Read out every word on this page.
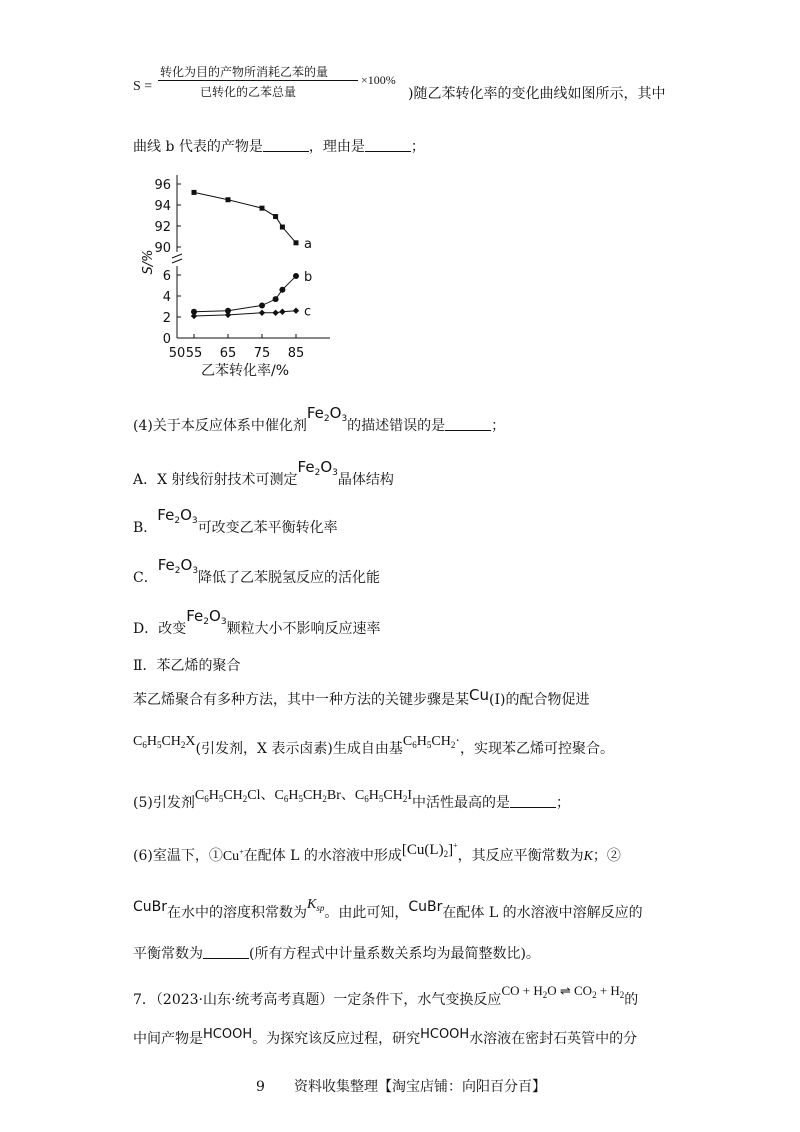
S =
转化为目的产物所消耗乙苯的量
已转化的乙苯总量
×100%
)随乙苯转化率的变化曲线如图所示，其中
曲线 b 代表的产物是	，理由是	；
90
92
94
96
0
2
4
6
50 55 65 75 85
S/%
乙苯转化率/%
a
b
c
(4)关于本反应体系中催化剂$Fe_2O_3$的描述错误的是	；
A．X 射线衍射技术可测定$Fe_2O_3$晶体结构
B．$Fe_2O_3$可改变乙苯平衡转化率
C．$Fe_2O_3$降低了乙苯脱氢反应的活化能
D．改变$Fe_2O_3$颗粒大小不影响反应速率
Ⅱ．苯乙烯的聚合
苯乙烯聚合有多种方法，其中一种方法的关键步骤是某Cu(Ⅰ)的配合物促进
$C_6H_5CH_2X$(引发剂，X 表示卤素)生成自由基$C_6H_5CH_2\cdot$，实现苯乙烯可控聚合。
(5)引发剂$C_6H_5CH_2Cl$、$C_6H_5CH_2Br$、$C_6H_5CH_2I$中活性最高的是	；
(6)室温下，①Cu+在配体 L 的水溶液中形成$[Cu(L)_2]^+$，其反应平衡常数为K；②
CuBr在水中的溶度积常数为$K_{sp}$。由此可知，CuBr在配体 L 的水溶液中溶解反应的
平衡常数为	(所有方程式中计量系数关系均为最简整数比)。
7．（2023·山东·统考高考真题）一定条件下，水气变换反应CO + $H_2O$ ⇌ $CO_2 + H_2$的
中间产物是HCOOH。为探究该反应过程，研究HCOOH水溶液在密封石英管中的分
9 资料收集整理【淘宝店铺：向阳百分百】
